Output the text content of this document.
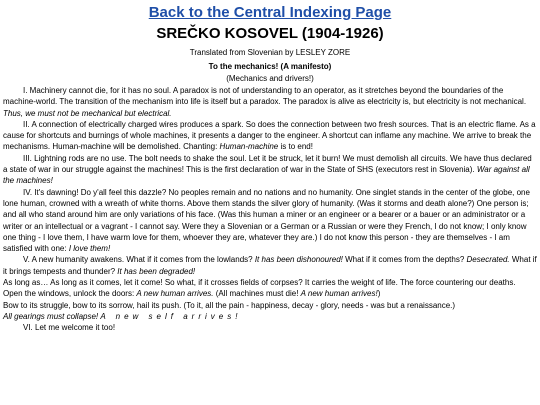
Back to the Central Indexing Page
SREČKO KOSOVEL (1904-1926)
Translated from Slovenian by LESLEY ZORE
To the mechanics! (A manifesto)
(Mechanics and drivers!)

I. Machinery cannot die, for it has no soul. A paradox is not of understanding to an operator, as it stretches beyond the boundaries of the machine-world. The transition of the mechanism into life is itself but a paradox. The paradox is alive as electricity is, but electricity is not mechanical. Thus, we must not be mechanical but electrical.

II. A connection of electrically charged wires produces a spark. So does the connection between two fresh sources. That is an electric flame. As a cause for shortcuts and burnings of whole machines, it presents a danger to the engineer. A shortcut can inflame any machine. We arrive to break the mechanisms. Human-machine will be demolished. Chanting: Human-machine is to end!

III. Lightning rods are no use. The bolt needs to shake the soul. Let it be struck, let it burn! We must demolish all circuits. We have thus declared a state of war in our struggle against the machines! This is the first declaration of war in the State of SHS (executors rest in Slovenia). War against all the machines!

IV. It's dawning! Do y'all feel this dazzle? No peoples remain and no nations and no humanity. One singlet stands in the center of the globe, one lone human, crowned with a wreath of white thorns. Above them stands the silver glory of humanity. (Was it storms and death alone?) One person is; and all who stand around him are only variations of his face. (Was this human a miner or an engineer or a bearer or a bauer or an administrator or a writer or an intellectual or a vagrant - I cannot say. Were they a Slovenian or a German or a Russian or were they French, I do not know; I only know one thing - I love them, I have warm love for them, whoever they are, whatever they are.) I do not know this person - they are themselves - I am satisfied with one: I love them!

V. A new humanity awakens. What if it comes from the lowlands? It has been dishonoured! What if it comes from the depths? Desecrated. What if it brings tempests and thunder? It has been degraded!

As long as… As long as it comes, let it come! So what, if it crosses fields of corpses? It carries the weight of life. The force countering our deaths.

Open the windows, unlock the doors: A new human arrives. (All machines must die! A new human arrives!)

Bow to its struggle, bow to its sorrow, hail its push. (To it, all the pain - happiness, decay - glory, needs - was but a renaissance.)

All gearings must collapse! A new self arrives!

VI. Let me welcome it too!
